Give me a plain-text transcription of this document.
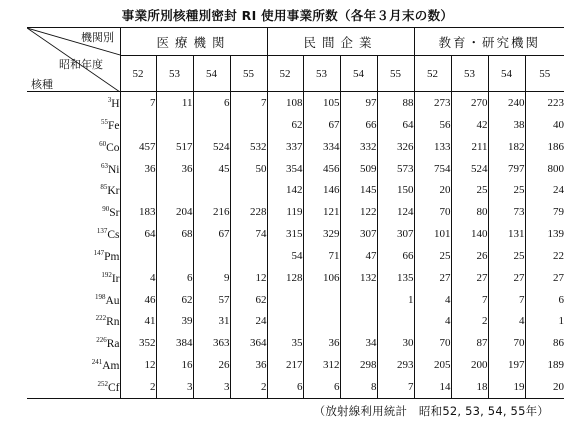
事業所別核種別密封 RI 使用事業所数（各年３月末の数）
機関別
昭和年度
核種	医療機関				民間企業				教育・研究機関			
	52	53	54	55	52	53	54	55	52	53	54	55
$^3$H	7	11	6	7	108	105	97	88	273	270	240	223
$^{55}$Fe					62	67	66	64	56	42	38	40
$^{60}$Co	457	517	524	532	337	334	332	326	133	211	182	186
$^{63}$Ni	36	36	45	50	354	456	509	573	754	524	797	800
$^{85}$Kr					142	146	145	150	20	25	25	24
$^{90}$Sr	183	204	216	228	119	121	122	124	70	80	73	79
$^{137}$Cs	64	68	67	74	315	329	307	307	101	140	131	139
$^{147}$Pm					54	71	47	66	25	26	25	22
$^{192}$Ir	4	6	9	12	128	106	132	135	27	27	27	27
$^{198}$Au	46	62	57	62				1	4	7	7	6
$^{222}$Rn	41	39	31	24					4	2	4	1
$^{226}$Ra	352	384	363	364	35	36	34	30	70	87	70	86
$^{241}$Am	12	16	26	36	217	312	298	293	205	200	197	189
$^{252}$Cf	2	3	3	2	6	6	8	7	14	18	19	20
（放射線利用統計　昭和52, 53, 54, 55年）
